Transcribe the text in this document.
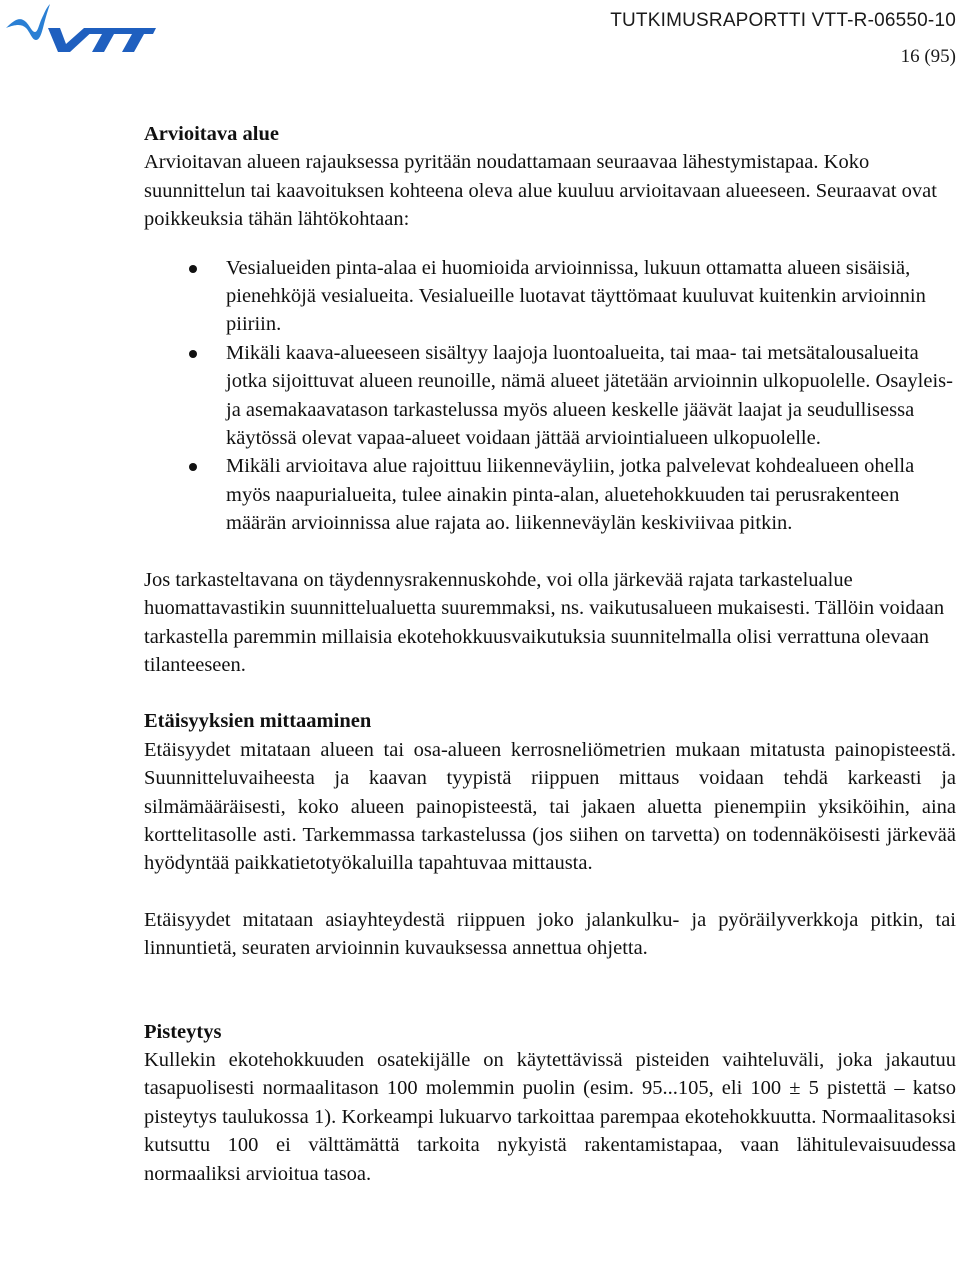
TUTKIMUSRAPORTTI VTT-R-06550-10
16 (95)
Arvioitava alue

Arvioitavan alueen rajauksessa pyritään noudattamaan seuraavaa lähestymistapaa. Koko suunnittelun tai kaavoituksen kohteena oleva alue kuuluu arvioitavaan alueeseen. Seuraavat ovat poikkeuksia tähän lähtökohtaan:

Vesialueiden pinta-alaa ei huomioida arvioinnissa, lukuun ottamatta alueen sisäisiä, pienehköjä vesialueita. Vesialueille luotavat täyttömaat kuuluvat kuitenkin arvioinnin piiriin.
Mikäli kaava-alueeseen sisältyy laajoja luontoalueita, tai maa- tai metsätalousalueita jotka sijoittuvat alueen reunoille, nämä alueet jätetään arvioinnin ulkopuolelle. Osayleis- ja asemakaavatason tarkastelussa myös alueen keskelle jäävät laajat ja seudullisessa käytössä olevat vapaa-alueet voidaan jättää arviointialueen ulkopuolelle.
Mikäli arvioitava alue rajoittuu liikenneväyliin, jotka palvelevat kohdealueen ohella myös naapurialueita, tulee ainakin pinta-alan, aluetehokkuuden tai perusrakenteen määrän arvioinnissa alue rajata ao. liikenneväylän keskiviivaa pitkin.

Jos tarkasteltavana on täydennysrakennuskohde, voi olla järkevää rajata tarkastelualue huomattavastikin suunnittelualuetta suuremmaksi, ns. vaikutusalueen mukaisesti. Tällöin voidaan tarkastella paremmin millaisia ekotehokkuusvaikutuksia suunnitelmalla olisi verrattuna olevaan tilanteeseen.

Etäisyyksien mittaaminen

Etäisyydet mitataan alueen tai osa-alueen kerrosneliömetrien mukaan mitatusta painopisteestä. Suunnitteluvaiheesta ja kaavan tyypistä riippuen mittaus voidaan tehdä karkeasti ja silmämääräisesti, koko alueen painopisteestä, tai jakaen aluetta pienempiin yksiköihin, aina korttelitasolle asti. Tarkemmassa tarkastelussa (jos siihen on tarvetta) on todennäköisesti järkevää hyödyntää paikkatietotyökaluilla tapahtuvaa mittausta.

Etäisyydet mitataan asiayhteydestä riippuen joko jalankulku- ja pyöräilyverkkoja pitkin, tai linnuntietä, seuraten arvioinnin kuvauksessa annettua ohjetta.

Pisteytys

Kullekin ekotehokkuuden osatekijälle on käytettävissä pisteiden vaihteluväli, joka jakautuu tasapuolisesti normaalitason 100 molemmin puolin (esim. 95...105, eli 100 ± 5 pistettä – katso pisteytys taulukossa 1). Korkeampi lukuarvo tarkoittaa parempaa ekotehokkuutta. Normaalitasoksi kutsuttu 100 ei välttämättä tarkoita nykyistä rakentamistapaa, vaan lähitulevaisuudessa normaaliksi arvioitua tasoa.
